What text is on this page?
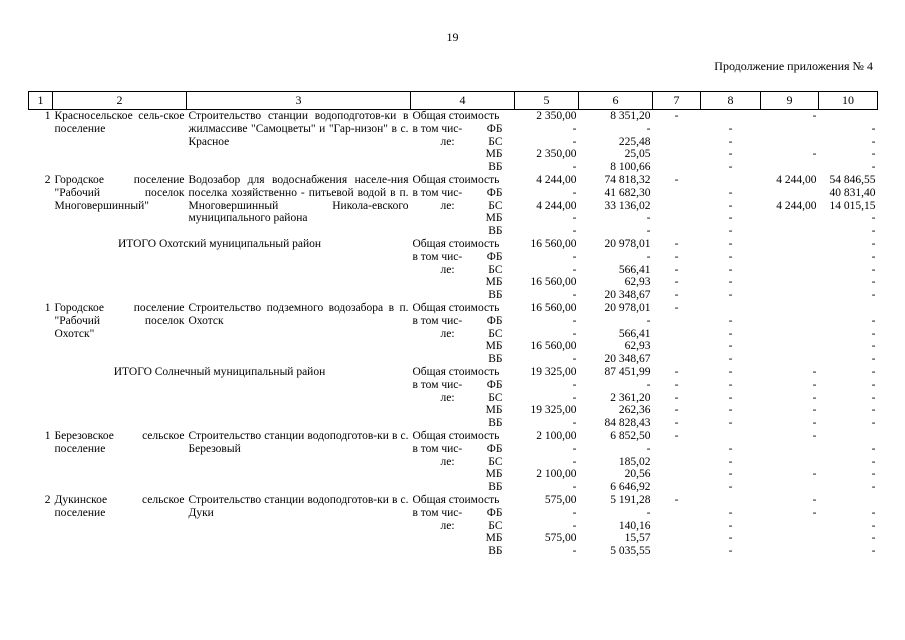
19
Продолжение приложения № 4
1	2	3	4	5	6	7	8	9	10
1	Красносельское сель-ское поселение	Строительство станции водоподготов-ки в жилмассиве "Самоцветы" и "Гар-низон" в с. Красное	Общая стоимость	2 350,00	8 351,20	-		-	

			в том чис- ФБ	-	-		-		-

			ле: БС	-	225,48		-		-

			МБ	2 350,00	25,05		-	-	-

			ВБ	-	8 100,66		-		-
2	Городское поселение "Рабочий поселок Многовершинный"	Водозабор для водоснабжения населе-ния поселка хозяйственно - питьевой водой в п. Многовершинный Никола-евского муниципального района	Общая стоимость	4 244,00	74 818,32	-		4 244,00	54 846,55

			в том чис- ФБ	-	41 682,30		-		40 831,40

			ле: БС	4 244,00	33 136,02		-	4 244,00	14 015,15

			МБ	-	-		-		-

			ВБ	-	-		-		-
ИТОГО Охотский муниципальный район			Общая стоимость	16 560,00	20 978,01	-	-		-

			в том чис- ФБ	-	-	-	-		-

			ле: БС	-	566,41	-	-		-

			МБ	16 560,00	62,93	-	-		-

			ВБ	-	20 348,67	-	-		-
1	Городское поселение "Рабочий поселок Охотск"	Строительство подземного водозабора в п. Охотск	Общая стоимость	16 560,00	20 978,01	-			

			в том чис- ФБ	-	-		-		-

			ле: БС	-	566,41		-		-

			МБ	16 560,00	62,93		-		-

			ВБ	-	20 348,67		-		-
ИТОГО Солнечный муниципальный район			Общая стоимость	19 325,00	87 451,99	-	-	-	-

			в том чис- ФБ	-	-	-	-	-	-

			ле: БС	-	2 361,20	-	-	-	-

			МБ	19 325,00	262,36	-	-	-	-

			ВБ	-	84 828,43	-	-	-	-
1	Березовское сельское поселение	Строительство станции водоподготов-ки в с. Березовый	Общая стоимость	2 100,00	6 852,50	-		-	

			в том чис- ФБ	-	-		-		-

			ле: БС	-	185,02		-		-

			МБ	2 100,00	20,56		-	-	-

			ВБ	-	6 646,92		-		-
2	Дукинское сельское поселение	Строительство станции водоподготов-ки в с. Дуки	Общая стоимость	575,00	5 191,28	-		-	

			в том чис- ФБ	-	-		-	-	-

			ле: БС	-	140,16		-		-

			МБ	575,00	15,57		-		-

			ВБ	-	5 035,55		-		-
